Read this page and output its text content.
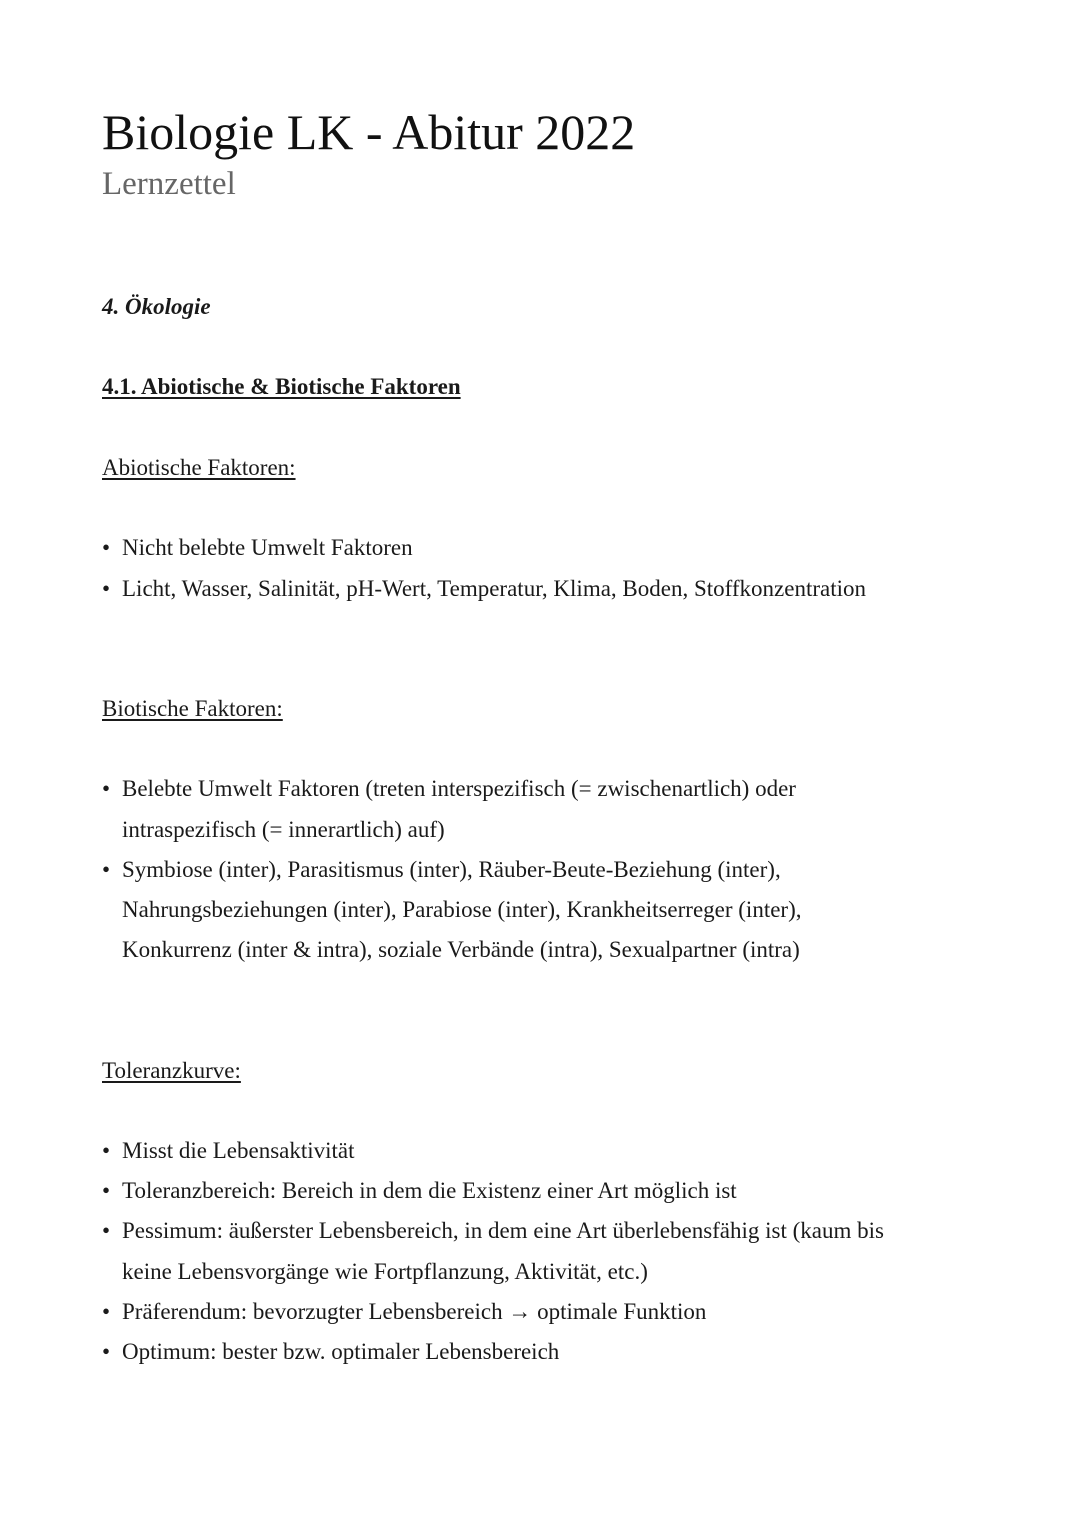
Biologie LK - Abitur 2022
Lernzettel
4. Ökologie
4.1. Abiotische & Biotische Faktoren
Abiotische Faktoren:
• Nicht belebte Umwelt Faktoren
• Licht, Wasser, Salinität, pH-Wert, Temperatur, Klima, Boden, Stoffkonzentration
Biotische Faktoren:
• Belebte Umwelt Faktoren (treten interspezifisch (= zwischenartlich) oder
intraspezifisch (= innerartlich) auf)
• Symbiose (inter), Parasitismus (inter), Räuber-Beute-Beziehung (inter),
Nahrungsbeziehungen (inter), Parabiose (inter), Krankheitserreger (inter),
Konkurrenz (inter & intra), soziale Verbände (intra), Sexualpartner (intra)
Toleranzkurve:
• Misst die Lebensaktivität
• Toleranzbereich: Bereich in dem die Existenz einer Art möglich ist
• Pessimum: äußerster Lebensbereich, in dem eine Art überlebensfähig ist (kaum bis
keine Lebensvorgänge wie Fortpflanzung, Aktivität, etc.)
• Präferendum: bevorzugter Lebensbereich → optimale Funktion
• Optimum: bester bzw. optimaler Lebensbereich
